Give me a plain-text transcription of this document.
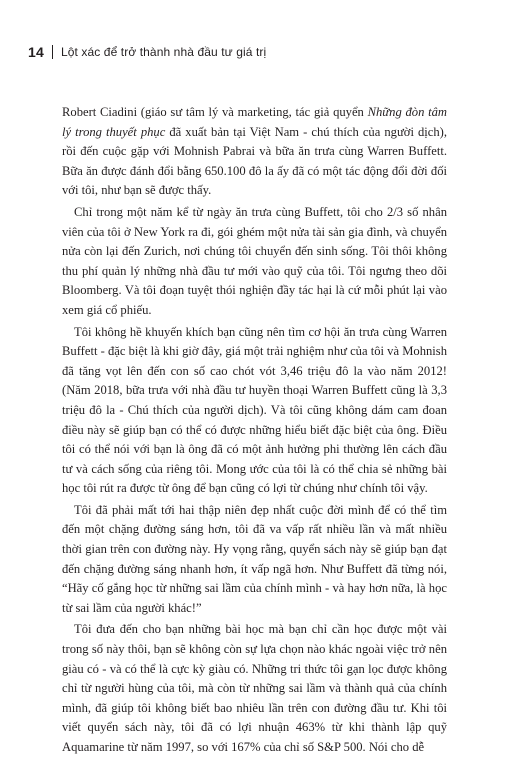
14 Lột xác để trở thành nhà đầu tư giá trị

Robert Ciadini (giáo sư tâm lý và marketing, tác giả quyển Những đòn tâm lý trong thuyết phục đã xuất bản tại Việt Nam - chú thích của người dịch), rồi đến cuộc gặp với Mohnish Pabrai và bữa ăn trưa cùng Warren Buffett. Bữa ăn được đánh đổi bằng 650.100 đô la ấy đã có một tác động đổi đời đối với tôi, như bạn sẽ được thấy.

Chỉ trong một năm kể từ ngày ăn trưa cùng Buffett, tôi cho 2/3 số nhân viên của tôi ở New York ra đi, gói ghém một nửa tài sản gia đình, và chuyển nửa còn lại đến Zurich, nơi chúng tôi chuyển đến sinh sống. Tôi thôi không thu phí quản lý những nhà đầu tư mới vào quỹ của tôi. Tôi ngưng theo dõi Bloomberg. Và tôi đoạn tuyệt thói nghiện đầy tác hại là cứ mỗi phút lại vào xem giá cổ phiếu.

Tôi không hề khuyến khích bạn cũng nên tìm cơ hội ăn trưa cùng Warren Buffett - đặc biệt là khi giờ đây, giá một trải nghiệm như của tôi và Mohnish đã tăng vọt lên đến con số cao chót vót 3,46 triệu đô la vào năm 2012! (Năm 2018, bữa trưa với nhà đầu tư huyền thoại Warren Buffett cũng là 3,3 triệu đô la - Chú thích của người dịch). Và tôi cũng không dám cam đoan điều này sẽ giúp bạn có thể có được những hiểu biết đặc biệt của ông. Điều tôi có thể nói với bạn là ông đã có một ảnh hưởng phi thường lên cách đầu tư và cách sống của riêng tôi. Mong ước của tôi là có thể chia sẻ những bài học tôi rút ra được từ ông để bạn cũng có lợi từ chúng như chính tôi vậy.

Tôi đã phải mất tới hai thập niên đẹp nhất cuộc đời mình để có thể tìm đến một chặng đường sáng hơn, tôi đã va vấp rất nhiều lần và mất nhiều thời gian trên con đường này. Hy vọng rằng, quyển sách này sẽ giúp bạn đạt đến chặng đường sáng nhanh hơn, ít vấp ngã hơn. Như Buffett đã từng nói, “Hãy cố gắng học từ những sai lầm của chính mình - và hay hơn nữa, là học từ sai lầm của người khác!”

Tôi đưa đến cho bạn những bài học mà bạn chỉ cần học được một vài trong số này thôi, bạn sẽ không còn sự lựa chọn nào khác ngoài việc trở nên giàu có - và có thể là cực kỳ giàu có. Những tri thức tôi gạn lọc được không chỉ từ người hùng của tôi, mà còn từ những sai lầm và thành quả của chính mình, đã giúp tôi không biết bao nhiêu lần trên con đường đầu tư. Khi tôi viết quyển sách này, tôi đã có lợi nhuận 463% từ khi thành lập quỹ Aquamarine từ năm 1997, so với 167% của chỉ số S&P 500. Nói cho dễ
